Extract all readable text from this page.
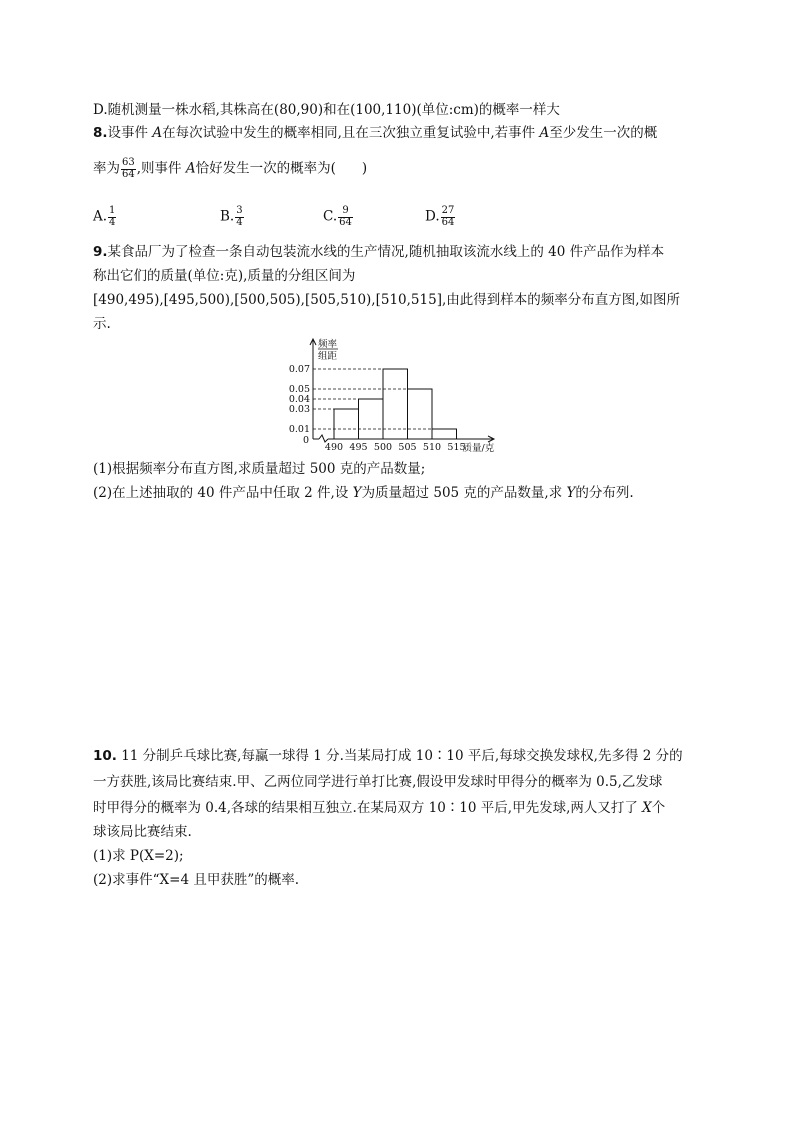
D.随机测量一株水稻,其株高在(80,90)和在(100,110)(单位:cm)的概率一样大
8.设事件 A在每次试验中发生的概率相同,且在三次独立重复试验中,若事件 A至少发生一次的概
率为 $\frac{63}{64}$ ,则事件 A恰好发生一次的概率为( )
A. $\frac{1}{4}$	B. $\frac{3}{4}$	C. $\frac{9}{64}$	D. $\frac{27}{64}$
9.某食品厂为了检查一条自动包装流水线的生产情况,随机抽取该流水线上的 40 件产品作为样本
称出它们的质量(单位:克),质量的分组区间为
[490,495),[495,500),[500,505),[505,510),[510,515],由此得到样本的频率分布直方图,如图所
示.
0.07
0.05
0.04
0.03
0.01
490 495 500 505 510 515
0
质量/克
频率
组距
(1)根据频率分布直方图,求质量超过 500 克的产品数量;
(2)在上述抽取的 40 件产品中任取 2 件,设 Y为质量超过 505 克的产品数量,求 Y的分布列.
10. 11 分制乒乓球比赛,每赢一球得 1 分.当某局打成 10∶10 平后,每球交换发球权,先多得 2 分的
一方获胜,该局比赛结束.甲、乙两位同学进行单打比赛,假设甲发球时甲得分的概率为 0.5,乙发球
时甲得分的概率为 0.4,各球的结果相互独立.在某局双方 10∶10 平后,甲先发球,两人又打了 X个
球该局比赛结束.
(1)求 P(X=2);
(2)求事件“X=4 且甲获胜”的概率.
